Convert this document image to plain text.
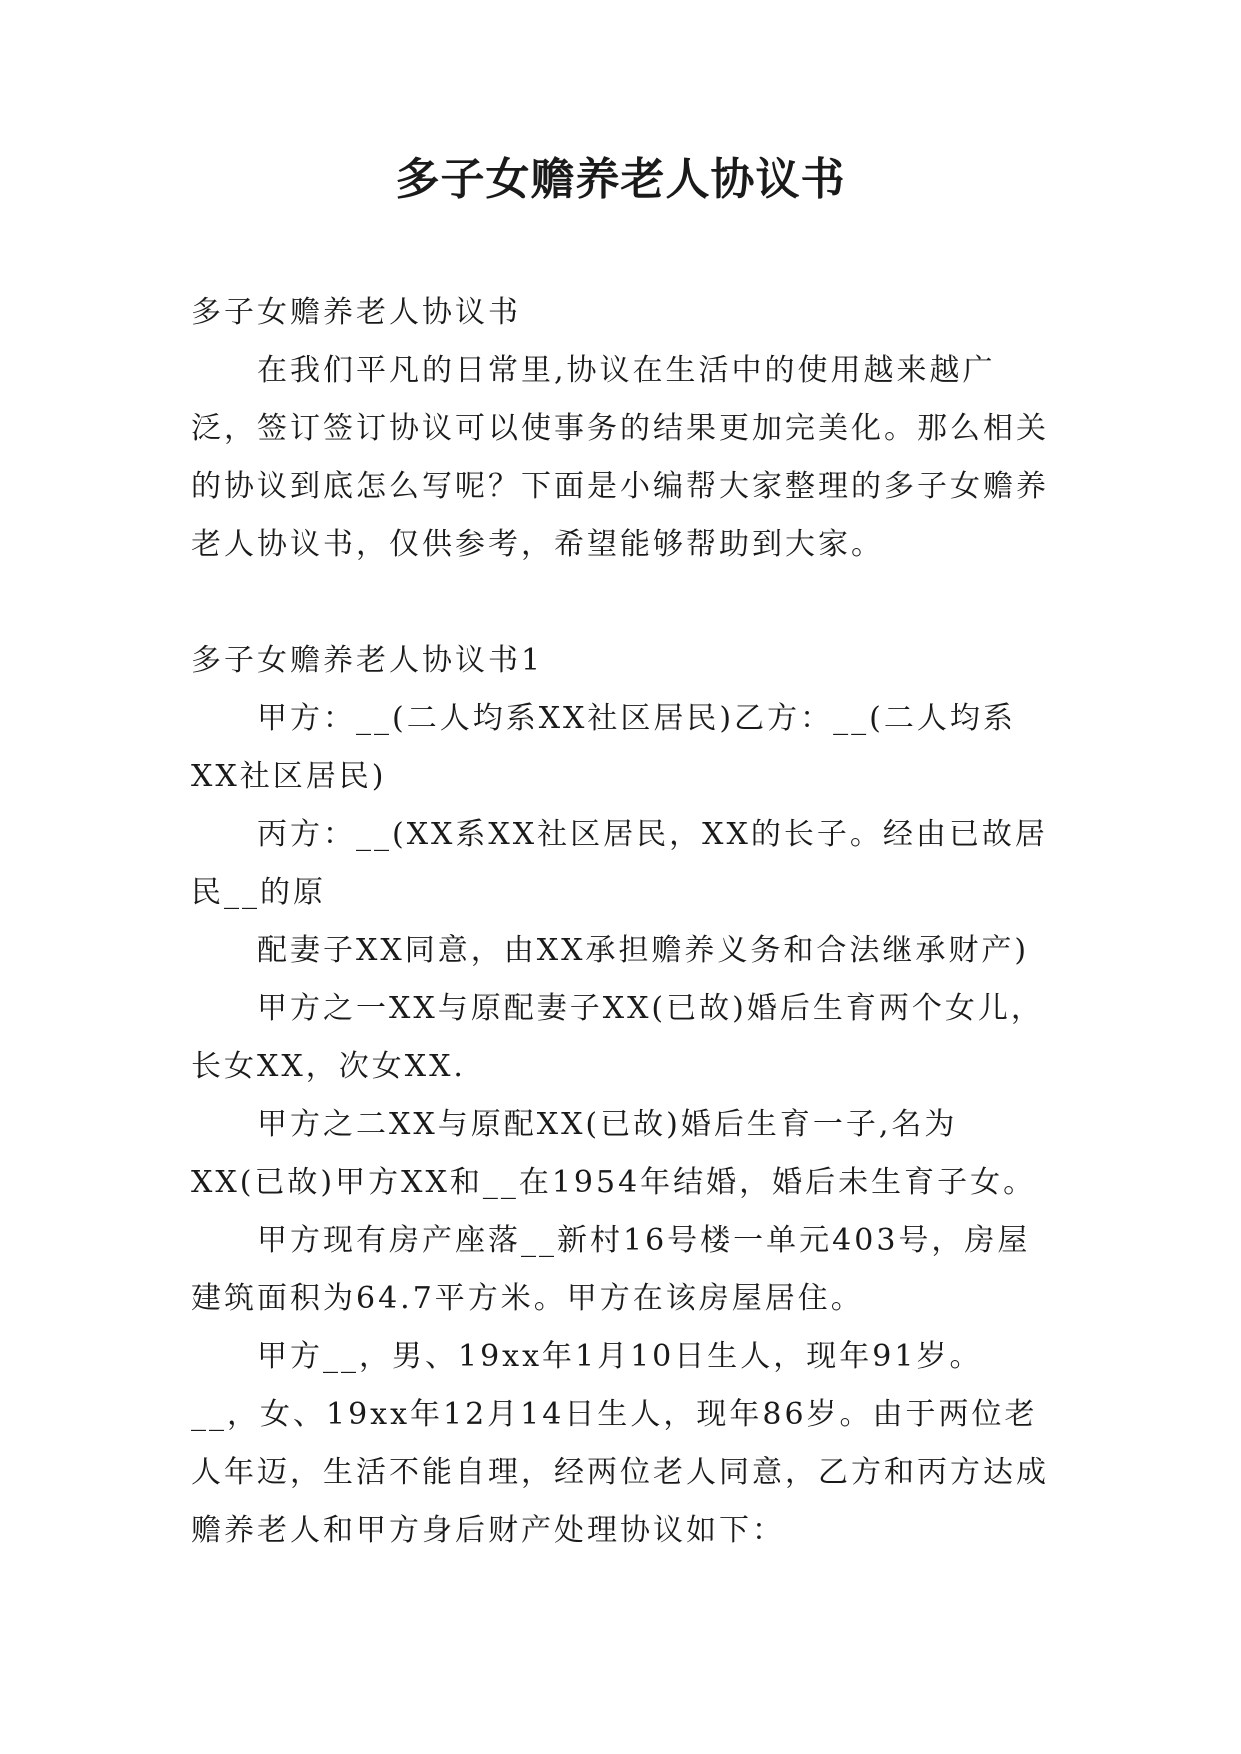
多子女赡养老人协议书

多子女赡养老人协议书

在我们平凡的日常里,协议在生活中的使用越来越广泛，签订签订协议可以使事务的结果更加完美化。那么相关的协议到底怎么写呢？下面是小编帮大家整理的多子女赡养老人协议书，仅供参考，希望能够帮助到大家。

多子女赡养老人协议书1

甲方：__(二人均系XX社区居民)乙方：__(二人均系XX社区居民)

丙方：__(XX系XX社区居民，XX的长子。经由已故居民__的原

配妻子XX同意，由XX承担赡养义务和合法继承财产)

甲方之一XX与原配妻子XX(已故)婚后生育两个女儿，长女XX，次女XX.

甲方之二XX与原配XX(已故)婚后生育一子,名为XX(已故)甲方XX和__在1954年结婚，婚后未生育子女。

甲方现有房产座落__新村16号楼一单元403号，房屋建筑面积为64.7平方米。甲方在该房屋居住。

甲方__，男、19xx年1月10日生人，现年91岁。__，女、19xx年12月14日生人，现年86岁。由于两位老人年迈，生活不能自理，经两位老人同意，乙方和丙方达成赡养老人和甲方身后财产处理协议如下：
